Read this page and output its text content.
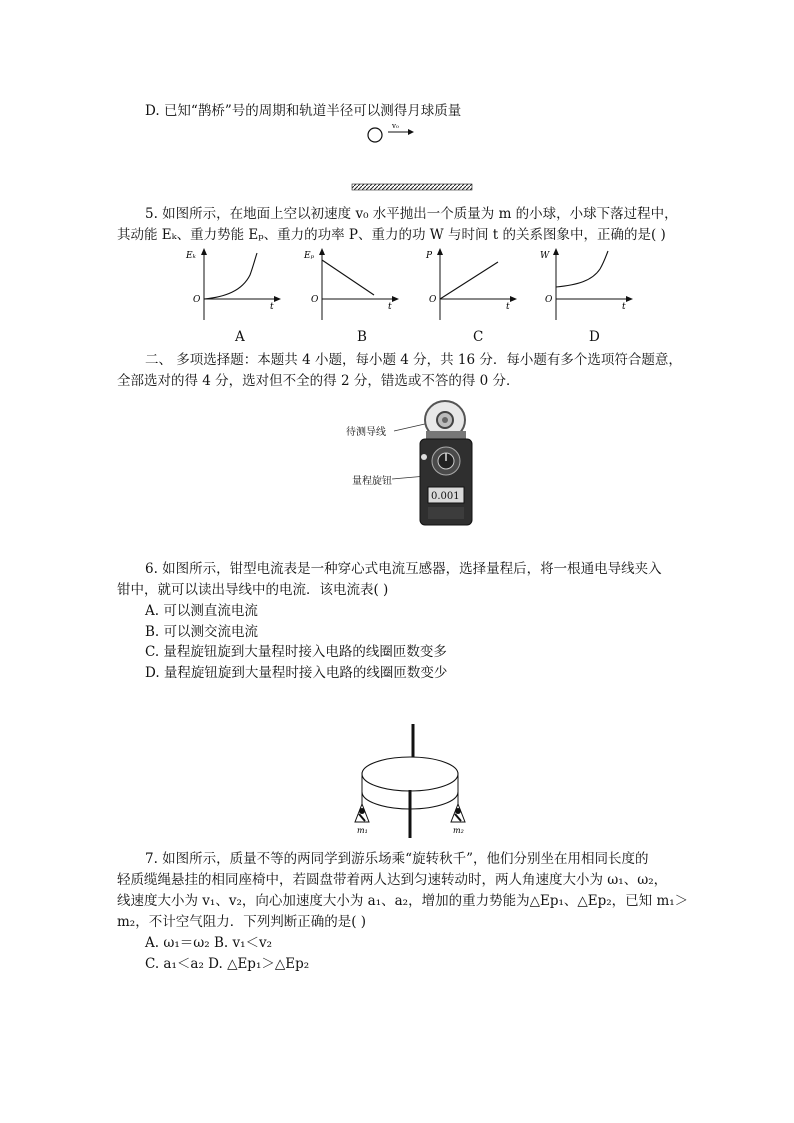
D. 已知“鹊桥”号的周期和轨道半径可以测得月球质量
v₀
5. 如图所示，在地面上空以初速度 v₀ 水平抛出一个质量为 m 的小球，小球下落过程中，
其动能 Eₖ、重力势能 Eₚ、重力的功率 P、重力的功 W 与时间 t 的关系图象中，正确的是( )
Eₖ
O
t
A
Eₚ
O
t
B
P
O
t
C
W
O
t
D
二、 多项选择题：本题共 4 小题，每小题 4 分，共 16 分．每小题有多个选项符合题意，
全部选对的得 4 分，选对但不全的得 2 分，错选或不答的得 0 分．
待测导线
量程旋钮
0.001
6. 如图所示，钳型电流表是一种穿心式电流互感器，选择量程后，将一根通电导线夹入
钳中，就可以读出导线中的电流．该电流表( )
A. 可以测直流电流
B. 可以测交流电流
C. 量程旋钮旋到大量程时接入电路的线圈匝数变多
D. 量程旋钮旋到大量程时接入电路的线圈匝数变少
m₁	m₂
7. 如图所示，质量不等的两同学到游乐场乘“旋转秋千”，他们分别坐在用相同长度的
轻质缆绳悬挂的相同座椅中，若圆盘带着两人达到匀速转动时，两人角速度大小为 ω₁、ω₂，
线速度大小为 v₁、v₂，向心加速度大小为 a₁、a₂，增加的重力势能为△Ep₁、△Ep₂，已知 m₁＞
m₂，不计空气阻力．下列判断正确的是( )
A. ω₁＝ω₂ B. v₁＜v₂
C. a₁＜a₂ D. △Ep₁＞△Ep₂
